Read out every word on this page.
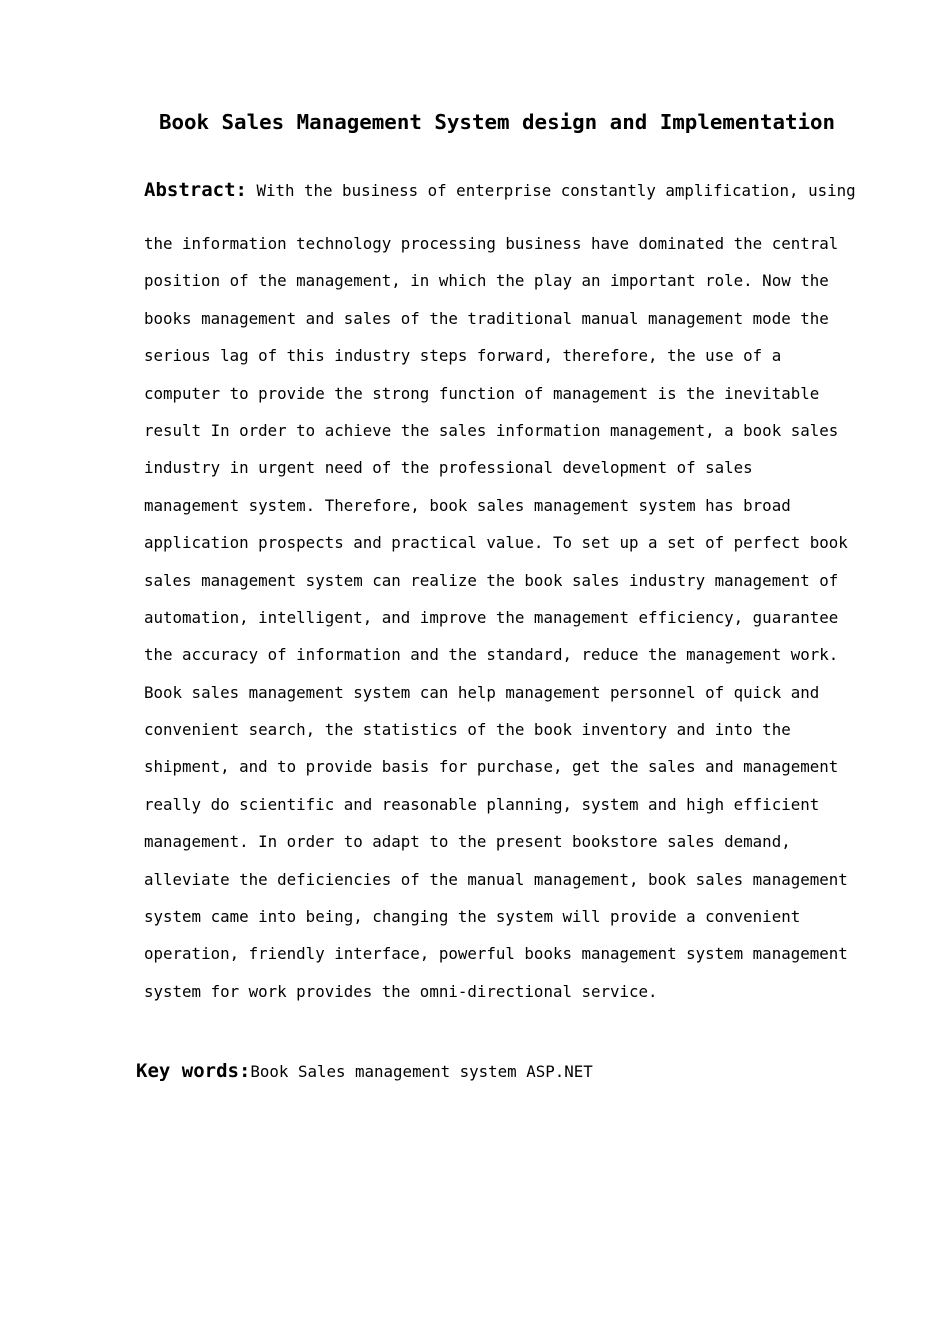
Book Sales Management System design and Implementation
Abstract: With the business of enterprise constantly amplification, using
the information technology processing business have dominated the central
position of the management, in which the play an important role. Now the
books management and sales of the traditional manual management mode the
serious lag of this industry steps forward, therefore, the use of a
computer to provide the strong function of management is the inevitable
result In order to achieve the sales information management, a book sales
industry in urgent need of the professional development of sales
management system. Therefore, book sales management system has broad
application prospects and practical value. To set up a set of perfect book
sales management system can realize the book sales industry management of
automation, intelligent, and improve the management efficiency, guarantee
the accuracy of information and the standard, reduce the management work.
Book sales management system can help management personnel of quick and
convenient search, the statistics of the book inventory and into the
shipment, and to provide basis for purchase, get the sales and management
really do scientific and reasonable planning, system and high efficient
management. In order to adapt to the present bookstore sales demand,
alleviate the deficiencies of the manual management, book sales management
system came into being, changing the system will provide a convenient
operation, friendly interface, powerful books management system management
system for work provides the omni-directional service.
Key words:Book Sales management system ASP.NET
